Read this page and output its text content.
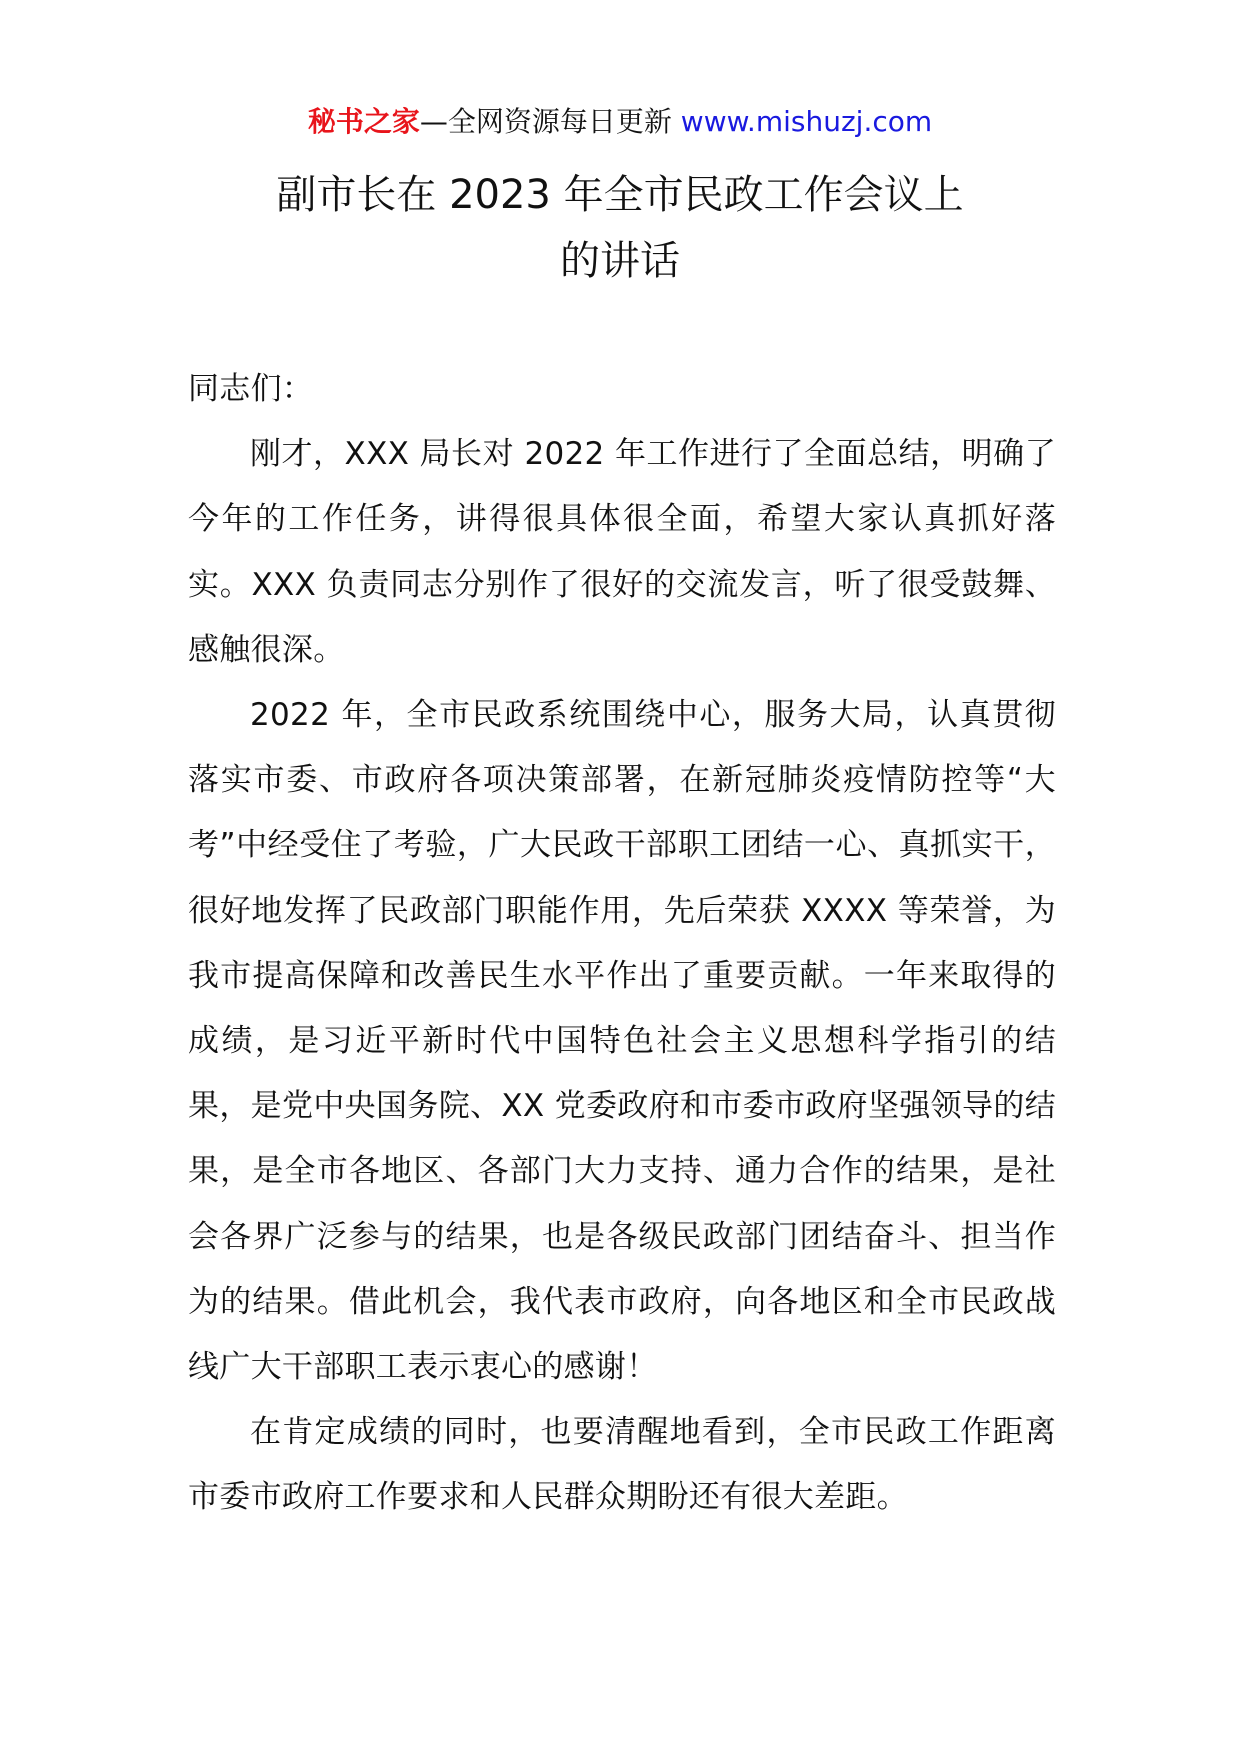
秘书之家—全网资源每日更新 www.mishuzj.com
副市长在 2023 年全市民政工作会议上
的讲话

同志们：

刚才，XXX 局长对 2022 年工作进行了全面总结，明确了今年的工作任务，讲得很具体很全面，希望大家认真抓好落实。XXX 负责同志分别作了很好的交流发言，听了很受鼓舞、感触很深。

2022 年，全市民政系统围绕中心，服务大局，认真贯彻落实市委、市政府各项决策部署，在新冠肺炎疫情防控等“大考”中经受住了考验，广大民政干部职工团结一心、真抓实干，很好地发挥了民政部门职能作用，先后荣获 XXXX 等荣誉，为我市提高保障和改善民生水平作出了重要贡献。一年来取得的成绩，是习近平新时代中国特色社会主义思想科学指引的结果，是党中央国务院、XX 党委政府和市委市政府坚强领导的结果，是全市各地区、各部门大力支持、通力合作的结果，是社会各界广泛参与的结果，也是各级民政部门团结奋斗、担当作为的结果。借此机会，我代表市政府，向各地区和全市民政战线广大干部职工表示衷心的感谢！

在肯定成绩的同时，也要清醒地看到，全市民政工作距离市委市政府工作要求和人民群众期盼还有很大差距。
